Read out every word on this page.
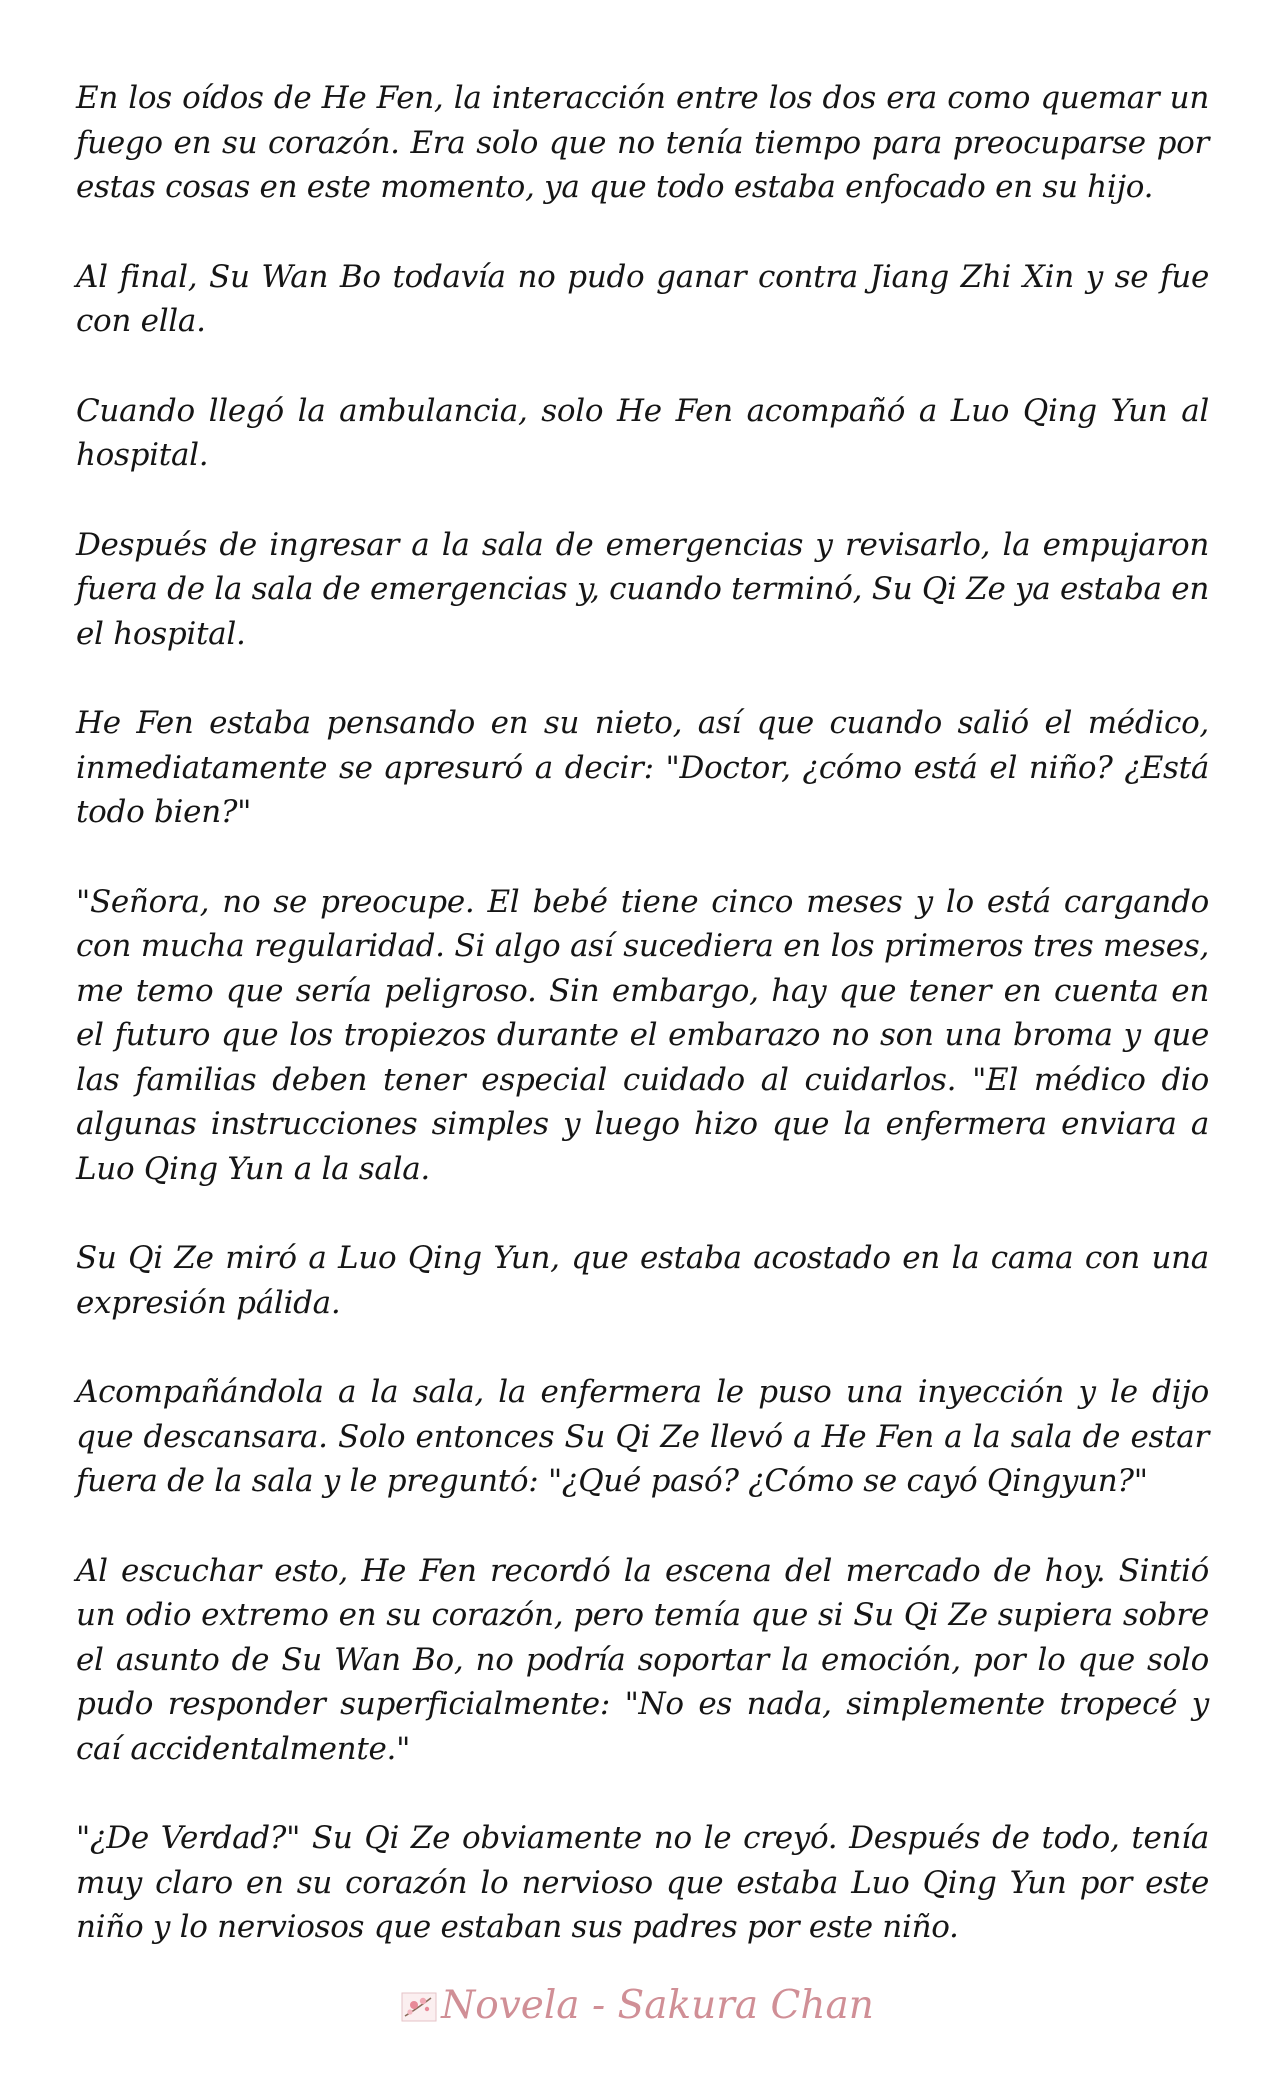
En los oídos de He Fen, la interacción entre los dos era como quemar un fuego en su corazón. Era solo que no tenía tiempo para preocuparse por estas cosas en este momento, ya que todo estaba enfocado en su hijo.

Al final, Su Wan Bo todavía no pudo ganar contra Jiang Zhi Xin y se fue con ella.

Cuando llegó la ambulancia, solo He Fen acompañó a Luo Qing Yun al hospital.

Después de ingresar a la sala de emergencias y revisarlo, la empujaron fuera de la sala de emergencias y, cuando terminó, Su Qi Ze ya estaba en el hospital.

He Fen estaba pensando en su nieto, así que cuando salió el médico, inmediatamente se apresuró a decir: "Doctor, ¿cómo está el niño? ¿Está todo bien?"

"Señora, no se preocupe. El bebé tiene cinco meses y lo está cargando con mucha regularidad. Si algo así sucediera en los primeros tres meses, me temo que sería peligroso. Sin embargo, hay que tener en cuenta en el futuro que los tropiezos durante el embarazo no son una broma y que las familias deben tener especial cuidado al cuidarlos. "El médico dio algunas instrucciones simples y luego hizo que la enfermera enviara a Luo Qing Yun a la sala.

Su Qi Ze miró a Luo Qing Yun, que estaba acostado en la cama con una expresión pálida.

Acompañándola a la sala, la enfermera le puso una inyección y le dijo que descansara. Solo entonces Su Qi Ze llevó a He Fen a la sala de estar fuera de la sala y le preguntó: "¿Qué pasó? ¿Cómo se cayó Qingyun?"

Al escuchar esto, He Fen recordó la escena del mercado de hoy. Sintió un odio extremo en su corazón, pero temía que si Su Qi Ze supiera sobre el asunto de Su Wan Bo, no podría soportar la emoción, por lo que solo pudo responder superficialmente: "No es nada, simplemente tropecé y caí accidentalmente."

"¿De Verdad?" Su Qi Ze obviamente no le creyó. Después de todo, tenía muy claro en su corazón lo nervioso que estaba Luo Qing Yun por este niño y lo nerviosos que estaban sus padres por este niño.

Novela - Sakura Chan
